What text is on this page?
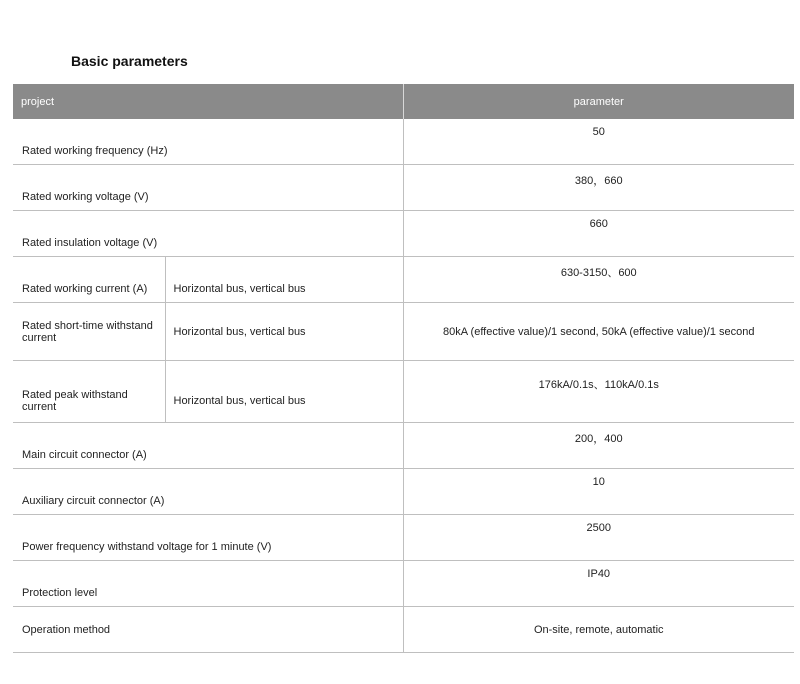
Basic parameters
project		parameter

Rated working frequency (Hz)		50

Rated working voltage (V)		380，660

Rated insulation voltage (V)		660

Rated working current (A)	Horizontal bus, vertical bus	630-3150、600

Rated short-time withstand current	Horizontal bus, vertical bus	80kA (effective value)/1 second, 50kA (effective value)/1 second

Rated peak withstand current	Horizontal bus, vertical bus	176kA/0.1s、110kA/0.1s

Main circuit connector (A)		200，400

Auxiliary circuit connector (A)		10

Power frequency withstand voltage for 1 minute (V)		2500

Protection level		IP40

Operation method		On-site, remote, automatic
